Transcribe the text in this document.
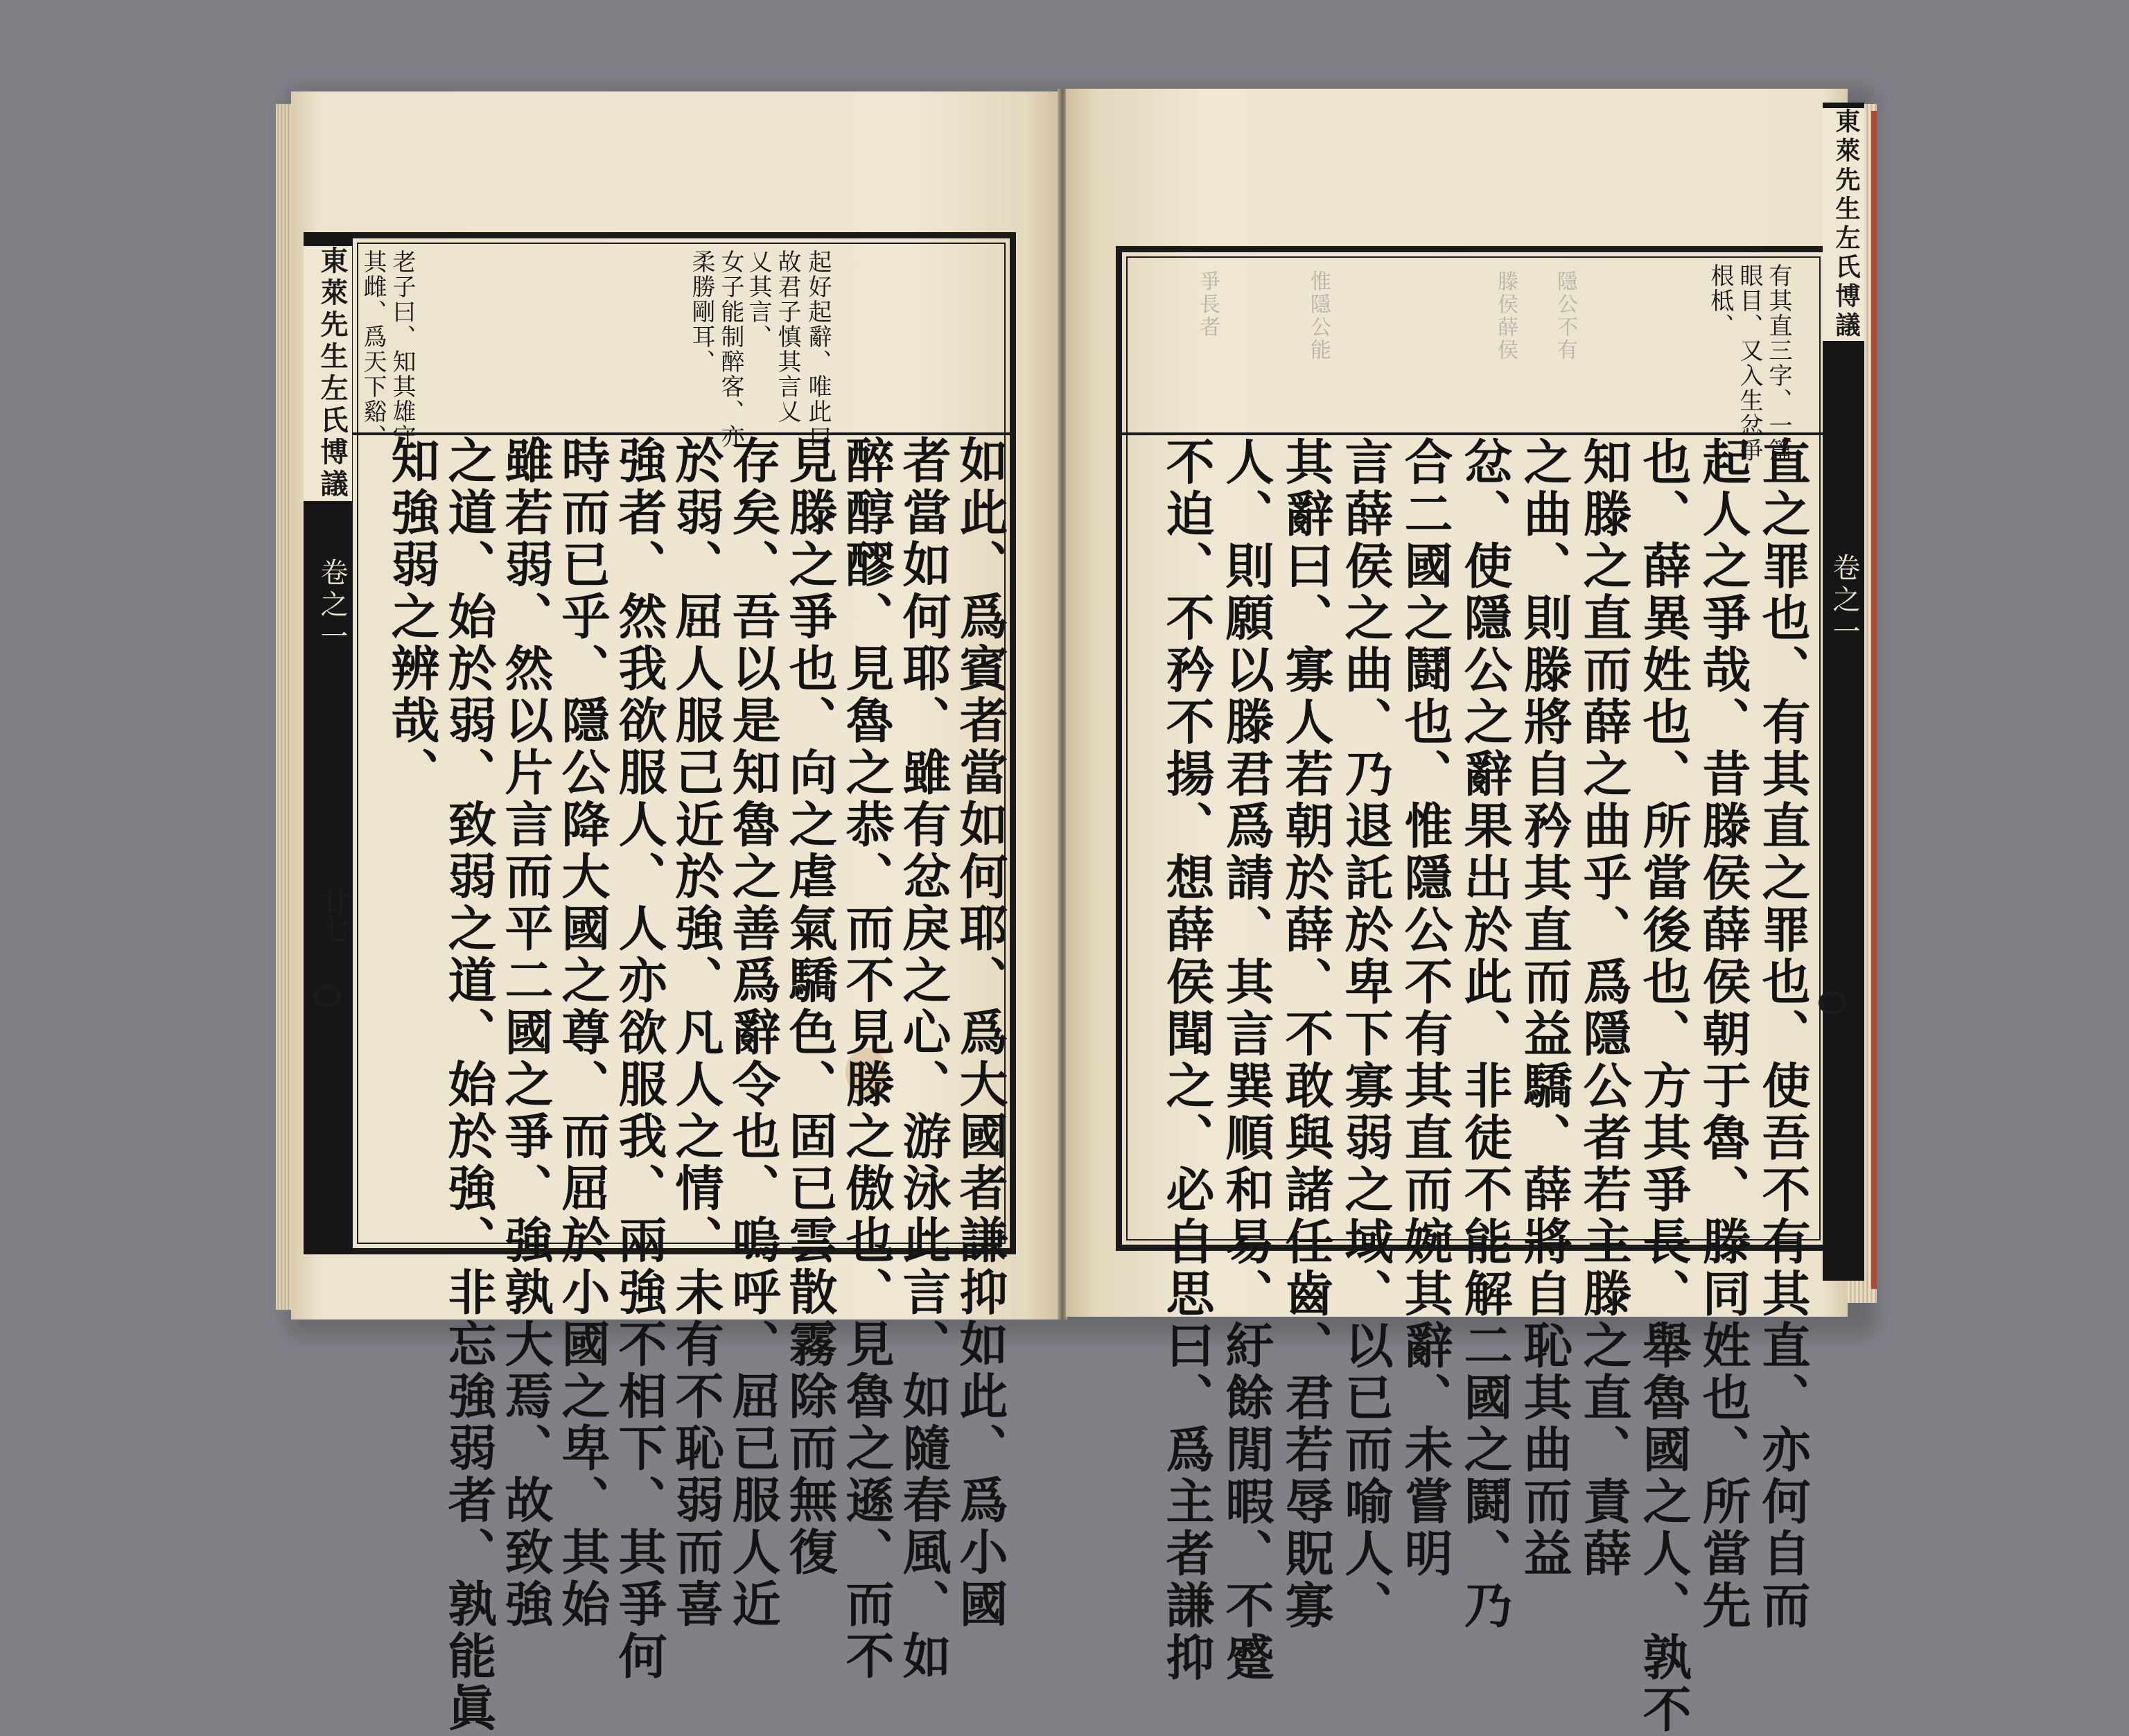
東萊先生左氏博議
卷之一
廿七
起好起辭、唯此口、
故君子慎其言乂
乂其言、
女子能制醉客、亦
柔勝剛耳、
老子曰、知其雄守
其雌、爲天下谿、
如此、爲賓者當如何耶、爲大國者謙抑如此、爲小國
者當如何耶、雖有忿戾之心、游泳此言、如隨春風、如
醉醇醪、見魯之恭、而不見滕之傲也、見魯之遜、而不
見滕之爭也、向之虐氣驕色、固已雲散霧除而無復
存矣、吾以是知魯之善爲辭令也、嗚呼、屈已服人近
於弱、屈人服己近於強、凡人之情、未有不恥弱而喜
強者、然我欲服人、人亦欲服我、兩強不相下、其爭何
時而已乎、隱公降大國之尊、而屈於小國之卑、其始
雖若弱、然以片言而平二國之爭、強孰大焉、故致強
之道、始於弱、致弱之道、始於強、非忘強弱者、孰能眞
知強弱之辨哉、
東萊先生左氏博議
卷之一
有其直三字、一篇
眼目、又入生忿爭
根柢、
隱公不有
滕侯薛侯
惟隱公能
爭長者
直之罪也、有其直之罪也、使吾不有其直、亦何自而
起人之爭哉、昔滕侯薛侯朝于魯、滕同姓也、所當先
也、薛異姓也、所當後也、方其爭長、舉魯國之人、孰不
知滕之直而薛之曲乎、爲隱公者若主滕之直、責薛
之曲、則滕將自矜其直而益驕、薛將自恥其曲而益
忿、使隱公之辭果出於此、非徒不能解二國之鬪、乃
合二國之鬪也、惟隱公不有其直而婉其辭、未嘗明
言薛侯之曲、乃退託於卑下寡弱之域、以已而喻人、
其辭曰、寡人若朝於薛、不敢與諸任齒、君若辱貺寡
人、則願以滕君爲請、其言巽順和易、紆餘閒暇、不蹙
不迫、不矜不揚、想薛侯聞之、必自思曰、爲主者謙抑
